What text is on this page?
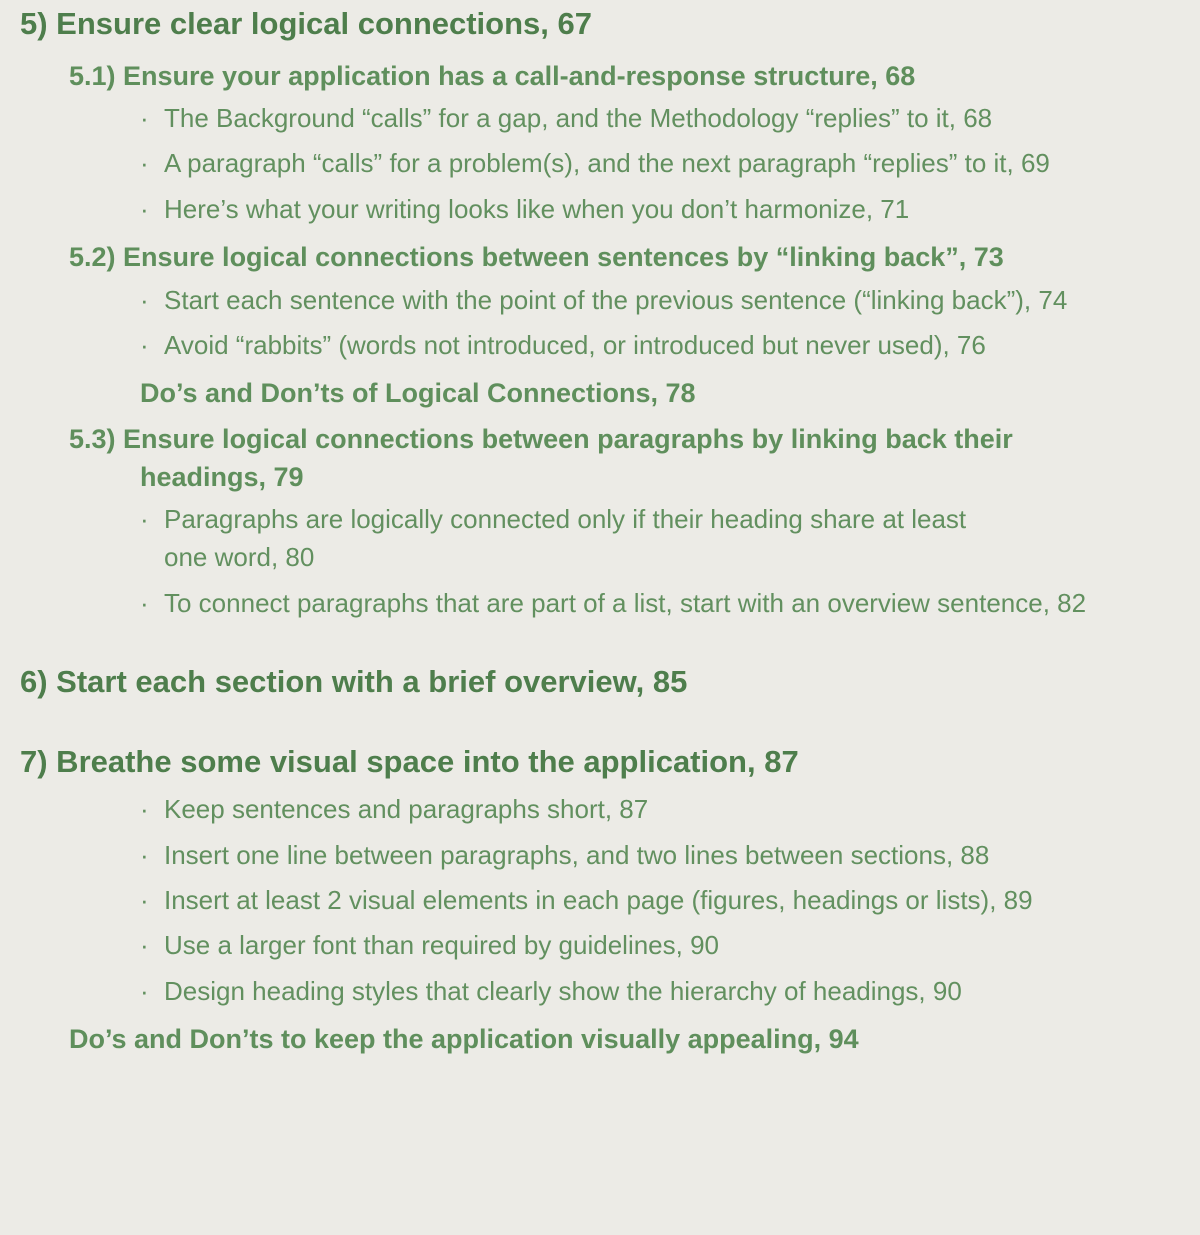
5) Ensure clear logical connections, 67
5.1) Ensure your application has a call-and-response structure, 68
· The Background “calls” for a gap, and the Methodology “replies” to it, 68
· A paragraph “calls” for a problem(s), and the next paragraph “replies” to it, 69
· Here’s what your writing looks like when you don’t harmonize, 71
5.2) Ensure logical connections between sentences by “linking back”, 73
· Start each sentence with the point of the previous sentence (“linking back”), 74
· Avoid “rabbits” (words not introduced, or introduced but never used), 76
Do’s and Don’ts of Logical Connections, 78
5.3) Ensure logical connections between paragraphs by linking back their
headings, 79
· Paragraphs are logically connected only if their heading share at least
one word, 80
· To connect paragraphs that are part of a list, start with an overview sentence, 82
6) Start each section with a brief overview, 85
7) Breathe some visual space into the application, 87
· Keep sentences and paragraphs short, 87
· Insert one line between paragraphs, and two lines between sections, 88
· Insert at least 2 visual elements in each page (figures, headings or lists), 89
· Use a larger font than required by guidelines, 90
· Design heading styles that clearly show the hierarchy of headings, 90
Do’s and Don’ts to keep the application visually appealing, 94
